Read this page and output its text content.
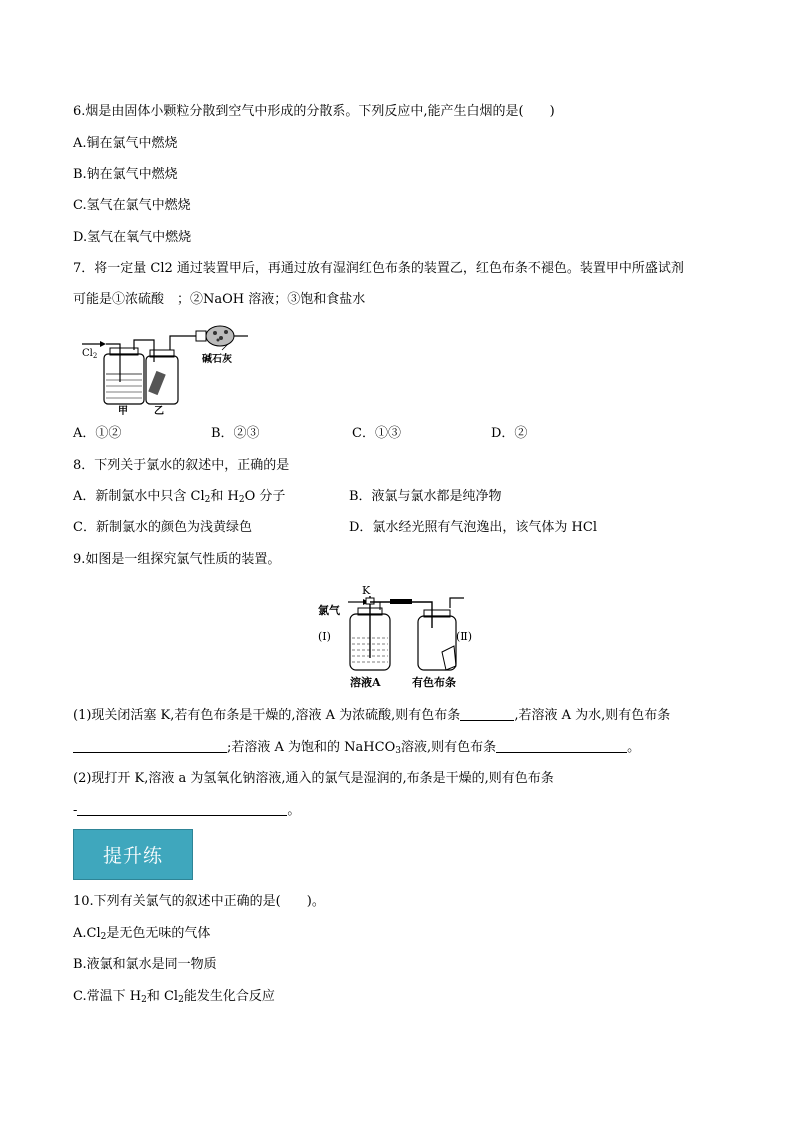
6.烟是由固体小颗粒分散到空气中形成的分散系。下列反应中,能产生白烟的是(　　)
A.铜在氯气中燃烧
B.钠在氯气中燃烧
C.氢气在氯气中燃烧
D.氢气在氧气中燃烧
7．将一定量 Cl2 通过装置甲后，再通过放有湿润红色布条的装置乙，红色布条不褪色。装置甲中所盛试剂
可能是①浓硫酸　；②NaOH 溶液；③饱和食盐水
$Cl_2$	碱石灰
甲	乙
A．①②	B．②③	C．①③	D．②
8．下列关于氯水的叙述中，正确的是
A．新制氯水中只含 $Cl_2$和 $H_2O$ 分子	B．液氯与氯水都是纯净物
C．新制氯水的颜色为浅黄绿色	D．氯水经光照有气泡逸出，该气体为 HCl
9.如图是一组探究氯气性质的装置。
K
氯气
(Ⅰ)	(Ⅱ)
溶液A	有色布条
(1)现关闭活塞 K,若有色布条是干燥的,溶液 A 为浓硫酸,则有色布条	,若溶液 A 为水,则有色布条
;若溶液 A 为饱和的 NaHCO$_3$溶液,则有色布条	。
(2)现打开 K,溶液 a 为氢氧化钠溶液,通入的氯气是湿润的,布条是干燥的,则有色布条
-	。
提升练
10.下列有关氯气的叙述中正确的是(　　)。
$A.Cl_2$是无色无味的气体
B.液氯和氯水是同一物质
C.常温下 $H_2$和 $Cl_2$能发生化合反应
